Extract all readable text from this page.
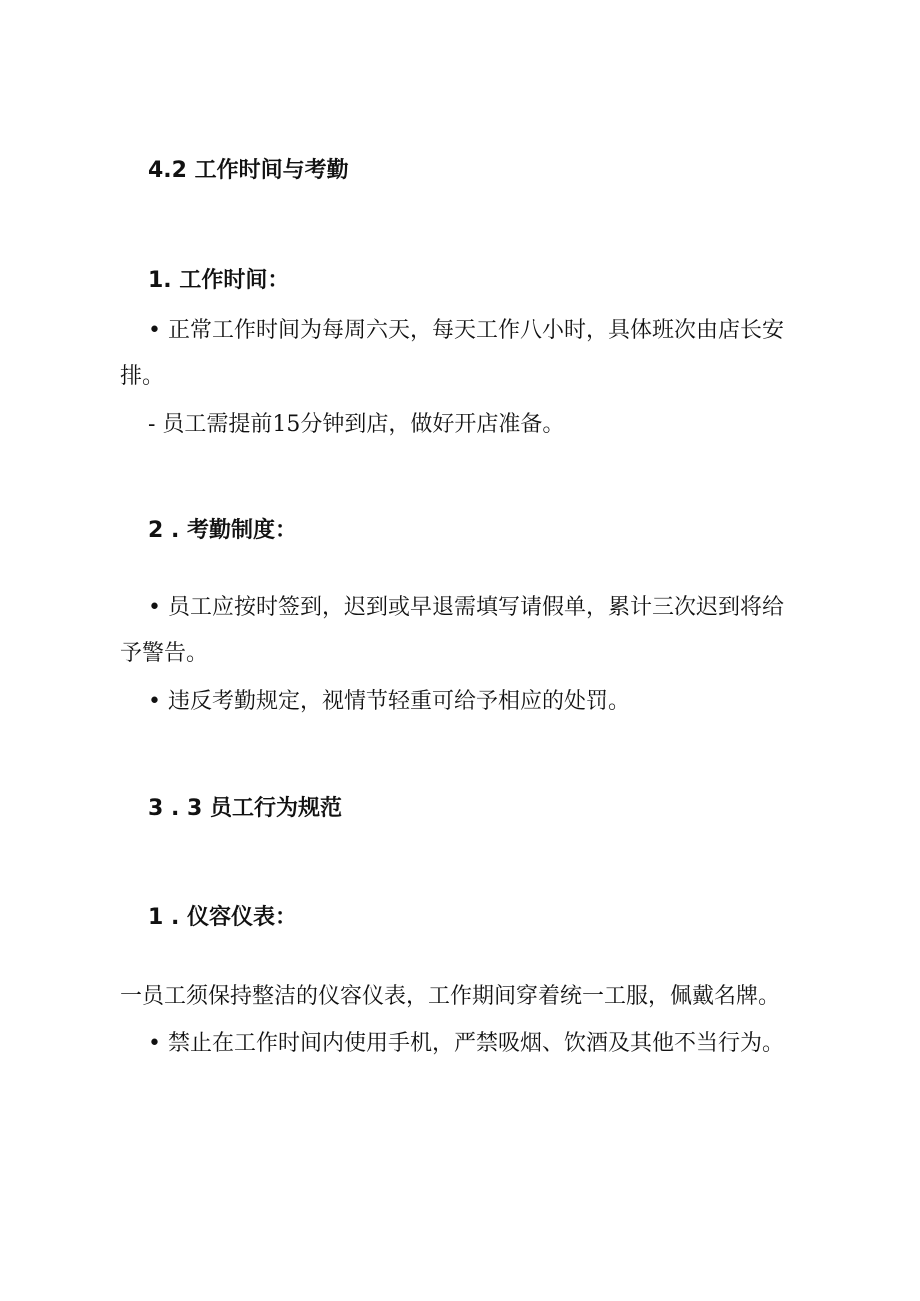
4.2 工作时间与考勤
1. 工作时间：
• 正常工作时间为每周六天，每天工作八小时，具体班次由店长安
排。
- 员工需提前15分钟到店，做好开店准备。
2 . 考勤制度：
• 员工应按时签到，迟到或早退需填写请假单，累计三次迟到将给
予警告。
• 违反考勤规定，视情节轻重可给予相应的处罚。
3 . 3 员工行为规范
1 . 仪容仪表：
一员工须保持整洁的仪容仪表，工作期间穿着统一工服，佩戴名牌。
• 禁止在工作时间内使用手机，严禁吸烟、饮酒及其他不当行为。
